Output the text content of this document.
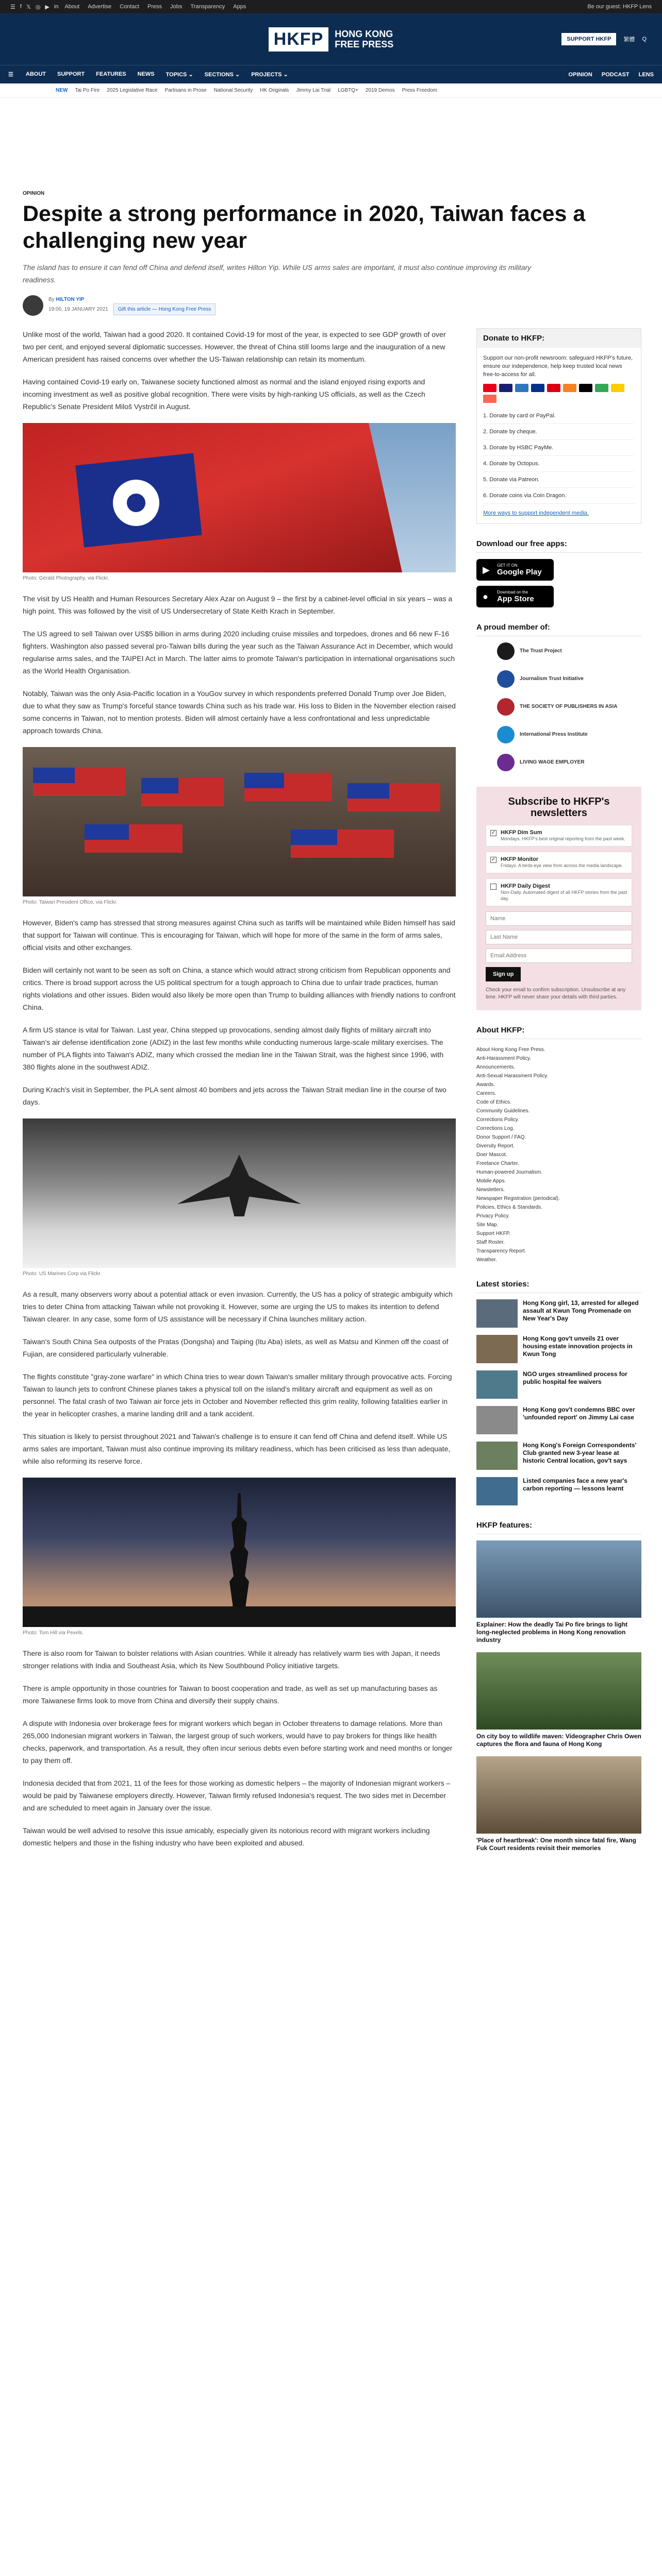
☰ f 𝕏 ◎ ▶ in About Advertise Contact Press Jobs Transparency Apps	Be our guest: HKFP Lens
HKFP	HONG KONG
FREE PRESS	SUPPORT HKFP	繁體 Q
☰ ABOUT SUPPORT FEATURES NEWS TOPICS ⌄ SECTIONS ⌄ PROJECTS ⌄	OPINION PODCAST LENS
NEW Tai Po Fire 2025 Legislative Race Partisans in Prose National Security HK Originals Jimmy Lai Trial LGBTQ+ 2019 Demos Press Freedom
OPINION
Despite a strong performance in 2020, Taiwan faces a challenging new year

The island has to ensure it can fend off China and defend itself, writes Hilton Yip. While US arms sales are important, it must also continue improving its military readiness.

By HILTON YIP
19:00, 19 JANUARY 2021	Gift this article — Hong Kong Free Press

Unlike most of the world, Taiwan had a good 2020. It contained Covid-19 for most of the year, is expected to see GDP growth of over two per cent, and enjoyed several diplomatic successes. However, the threat of China still looms large and the inauguration of a new American president has raised concerns over whether the US-Taiwan relationship can retain its momentum.

Having contained Covid-19 early on, Taiwanese society functioned almost as normal and the island enjoyed rising exports and incoming investment as well as positive global recognition. There were visits by high-ranking US officials, as well as the Czech Republic's Senate President Miloš Vystrčil in August.

Photo: Gérald Photography, via Flickr.

The visit by US Health and Human Resources Secretary Alex Azar on August 9 – the first by a cabinet-level official in six years – was a high point. This was followed by the visit of US Undersecretary of State Keith Krach in September.

The US agreed to sell Taiwan over US$5 billion in arms during 2020 including cruise missiles and torpedoes, drones and 66 new F-16 fighters. Washington also passed several pro-Taiwan bills during the year such as the Taiwan Assurance Act in December, which would regularise arms sales, and the TAIPEI Act in March. The latter aims to promote Taiwan's participation in international organisations such as the World Health Organisation.

Notably, Taiwan was the only Asia-Pacific location in a YouGov survey in which respondents preferred Donald Trump over Joe Biden, due to what they saw as Trump's forceful stance towards China such as his trade war. His loss to Biden in the November election raised some concerns in Taiwan, not to mention protests. Biden will almost certainly have a less confrontational and less unpredictable approach towards China.

Photo: Taiwan President Office, via Flickr.

However, Biden's camp has stressed that strong measures against China such as tariffs will be maintained while Biden himself has said that support for Taiwan will continue. This is encouraging for Taiwan, which will hope for more of the same in the form of arms sales, official visits and other exchanges.

Biden will certainly not want to be seen as soft on China, a stance which would attract strong criticism from Republican opponents and critics. There is broad support across the US political spectrum for a tough approach to China due to unfair trade practices, human rights violations and other issues. Biden would also likely be more open than Trump to building alliances with friendly nations to confront China.

A firm US stance is vital for Taiwan. Last year, China stepped up provocations, sending almost daily flights of military aircraft into Taiwan's air defense identification zone (ADIZ) in the last few months while conducting numerous large-scale military exercises. The number of PLA flights into Taiwan's ADIZ, many which crossed the median line in the Taiwan Strait, was the highest since 1996, with 380 flights alone in the southwest ADIZ.

During Krach's visit in September, the PLA sent almost 40 bombers and jets across the Taiwan Strait median line in the course of two days.

Photo: US Marines Corp via Flickr.

As a result, many observers worry about a potential attack or even invasion. Currently, the US has a policy of strategic ambiguity which tries to deter China from attacking Taiwan while not provoking it. However, some are urging the US to makes its intention to defend Taiwan clearer. In any case, some form of US assistance will be necessary if China launches military action.

Taiwan's South China Sea outposts of the Pratas (Dongsha) and Taiping (Itu Aba) islets, as well as Matsu and Kinmen off the coast of Fujian, are considered particularly vulnerable.

The flights constitute "gray-zone warfare" in which China tries to wear down Taiwan's smaller military through provocative acts. Forcing Taiwan to launch jets to confront Chinese planes takes a physical toll on the island's military aircraft and equipment as well as on personnel. The fatal crash of two Taiwan air force jets in October and November reflected this grim reality, following fatalities earlier in the year in helicopter crashes, a marine landing drill and a tank accident.

This situation is likely to persist throughout 2021 and Taiwan's challenge is to ensure it can fend off China and defend itself. While US arms sales are important, Taiwan must also continue improving its military readiness, which has been criticised as less than adequate, while also reforming its reserve force.

Photo: Tom Hill via Pexels.

There is also room for Taiwan to bolster relations with Asian countries. While it already has relatively warm ties with Japan, it needs stronger relations with India and Southeast Asia, which its New Southbound Policy initiative targets.

There is ample opportunity in those countries for Taiwan to boost cooperation and trade, as well as set up manufacturing bases as more Taiwanese firms look to move from China and diversify their supply chains.

A dispute with Indonesia over brokerage fees for migrant workers which began in October threatens to damage relations. More than 265,000 Indonesian migrant workers in Taiwan, the largest group of such workers, would have to pay brokers for things like health checks, paperwork, and transportation. As a result, they often incur serious debts even before starting work and need months or longer to pay them off.

Indonesia decided that from 2021, 11 of the fees for those working as domestic helpers – the majority of Indonesian migrant workers – would be paid by Taiwanese employers directly. However, Taiwan firmly refused Indonesia's request. The two sides met in December and are scheduled to meet again in January over the issue.

Taiwan would be well advised to resolve this issue amicably, especially given its notorious record with migrant workers including domestic helpers and those in the fishing industry who have been exploited and abused.

Donate to HKFP:

Support our non-profit newsroom: safeguard HKFP's future, ensure our independence, help keep trusted local news free-to-access for all.

1. Donate by card or PayPal.
2. Donate by cheque.
3. Donate by HSBC PayMe.
4. Donate by Octopus.
5. Donate via Patreon.
6. Donate coins via Coin Dragon.
More ways to support independent media.
Download our free apps:
▶ GET IT ON
Google Play
● Download on the
App Store
A proud member of:
The Trust Project
Journalism Trust Initiative
THE SOCIETY OF PUBLISHERS IN ASIA
International Press Institute
LIVING WAGE EMPLOYER
Subscribe to HKFP's newsletters
✓ HKFP Dim Sum
Mondays. HKFP's best original reporting from the past week.
✓ HKFP Monitor
Fridays. A birds-eye view from across the media landscape.
HKFP Daily Digest
Non-Daily. Automated digest of all HKFP stories from the past day.
Name Last Name Email Address Sign up

Check your email to confirm subscription. Unsubscribe at any time. HKFP will never share your details with third parties.

About HKFP:
About Hong Kong Free Press.
Anti-Harassment Policy.
Announcements.
Anti-Sexual Harassment Policy.
Awards.
Careers.
Code of Ethics.
Community Guidelines.
Corrections Policy.
Corrections Log.
Donor Support / FAQ.
Diversity Report.
Doer Mascot.
Freelance Charter.
Human-powered Journalism.
Mobile Apps.
Newsletters.
Newspaper Registration (periodical).
Policies, Ethics & Standards.
Privacy Policy.
Site Map.
Support HKFP.
Staff Roster.
Transparency Report.
Weather.
Latest stories:
Hong Kong girl, 13, arrested for alleged assault at Kwun Tong Promenade on New Year's Day
Hong Kong gov't unveils 21 over housing estate innovation projects in Kwun Tong
NGO urges streamlined process for public hospital fee waivers
Hong Kong gov't condemns BBC over 'unfounded report' on Jimmy Lai case
Hong Kong's Foreign Correspondents' Club granted new 3-year lease at historic Central location, gov't says
Listed companies face a new year's carbon reporting — lessons learnt
HKFP features:
Explainer: How the deadly Tai Po fire brings to light long-neglected problems in Hong Kong renovation industry
On city boy to wildlife maven: Videographer Chris Owen captures the flora and fauna of Hong Kong
'Place of heartbreak': One month since fatal fire, Wang Fuk Court residents revisit their memories
